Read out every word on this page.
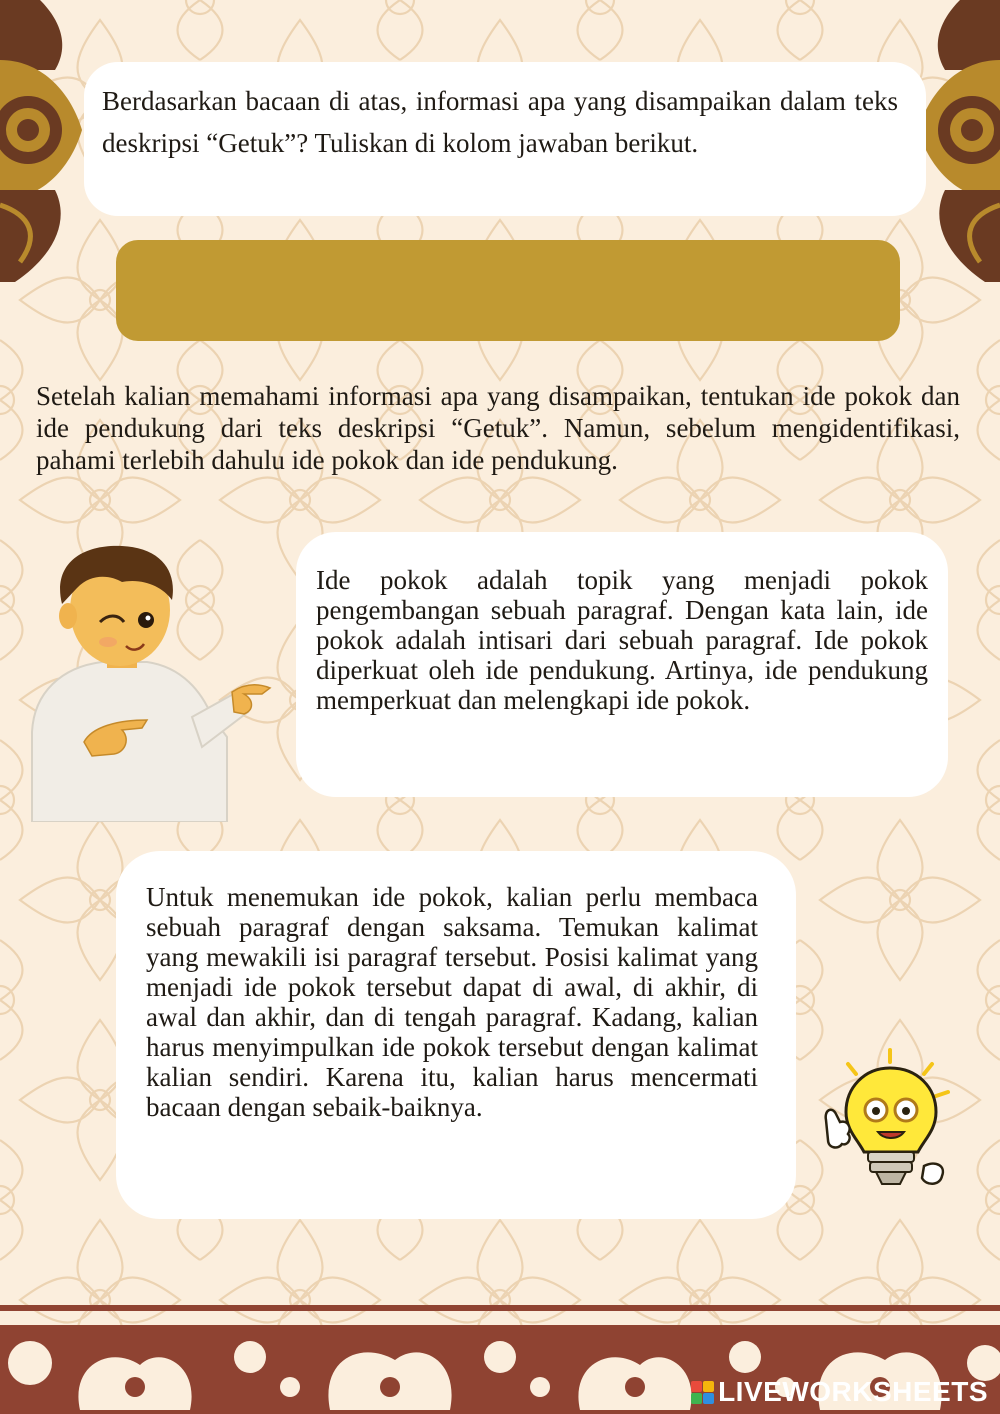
Berdasarkan bacaan di atas, informasi apa yang disampaikan dalam teks deskripsi “Getuk”? Tuliskan di kolom jawaban berikut.

Setelah kalian memahami informasi apa yang disampaikan, tentukan ide pokok dan ide pendukung dari teks deskripsi “Getuk”. Namun, sebelum mengidentifikasi, pahami terlebih dahulu ide pokok dan ide pendukung.

Ide pokok adalah topik yang menjadi pokok pengembangan sebuah paragraf. Dengan kata lain, ide pokok adalah intisari dari sebuah paragraf. Ide pokok diperkuat oleh ide pendukung. Artinya, ide pendukung memperkuat dan melengkapi ide pokok.

Untuk menemukan ide pokok, kalian perlu membaca sebuah paragraf dengan saksama. Temukan kalimat yang mewakili isi paragraf tersebut. Posisi kalimat yang menjadi ide pokok tersebut dapat di awal, di akhir, di awal dan akhir, dan di tengah paragraf. Kadang, kalian harus menyimpulkan ide pokok tersebut dengan kalimat kalian sendiri. Karena itu, kalian harus mencermati bacaan dengan sebaik-baiknya.

LIVEWORKSHEETS
